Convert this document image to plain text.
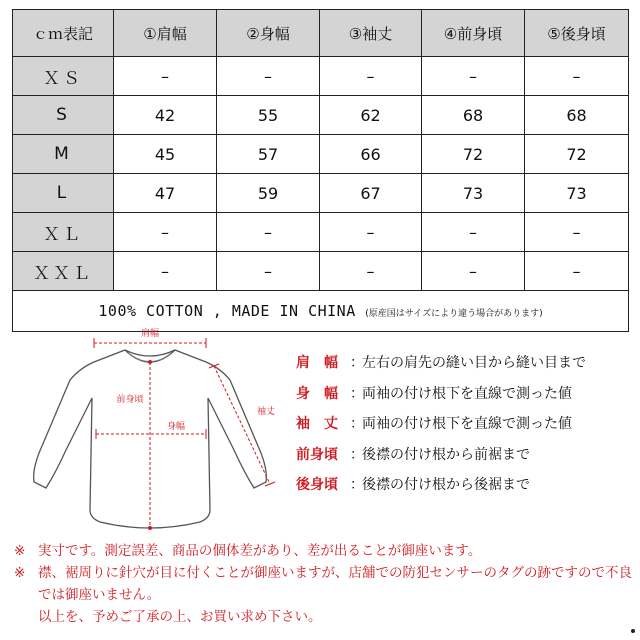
ｃｍ表記	①肩幅	②身幅	③袖丈	④前身頃	⑤後身頃
ＸＳ	–	–	–	–	–
S	42	55	62	68	68
M	45	57	66	72	72
L	47	59	67	73	73
ＸＬ	–	–	–	–	–
ＸＸＬ	–	–	–	–	–
100% COTTON , MADE IN CHINA (原産国はサイズにより違う場合があります)					
肩幅
前身頃
身幅
袖丈
肩　幅 ：
左右の肩先の縫い目から縫い目まで
身　幅 ：
両袖の付け根下を直線で測った値
袖　丈 ：
両袖の付け根下を直線で測った値
前身頃 ：
後襟の付け根から前裾まで
後身頃 ：
後襟の付け根から後裾まで
※ 実寸です。測定誤差、商品の個体差があり、差が出ることが御座います。
※ 襟、裾周りに針穴が目に付くことが御座いますが、店舗での防犯センサーのタグの跡ですので不良では御座いません。
以上を、予めご了承の上、お買い求め下さい。
